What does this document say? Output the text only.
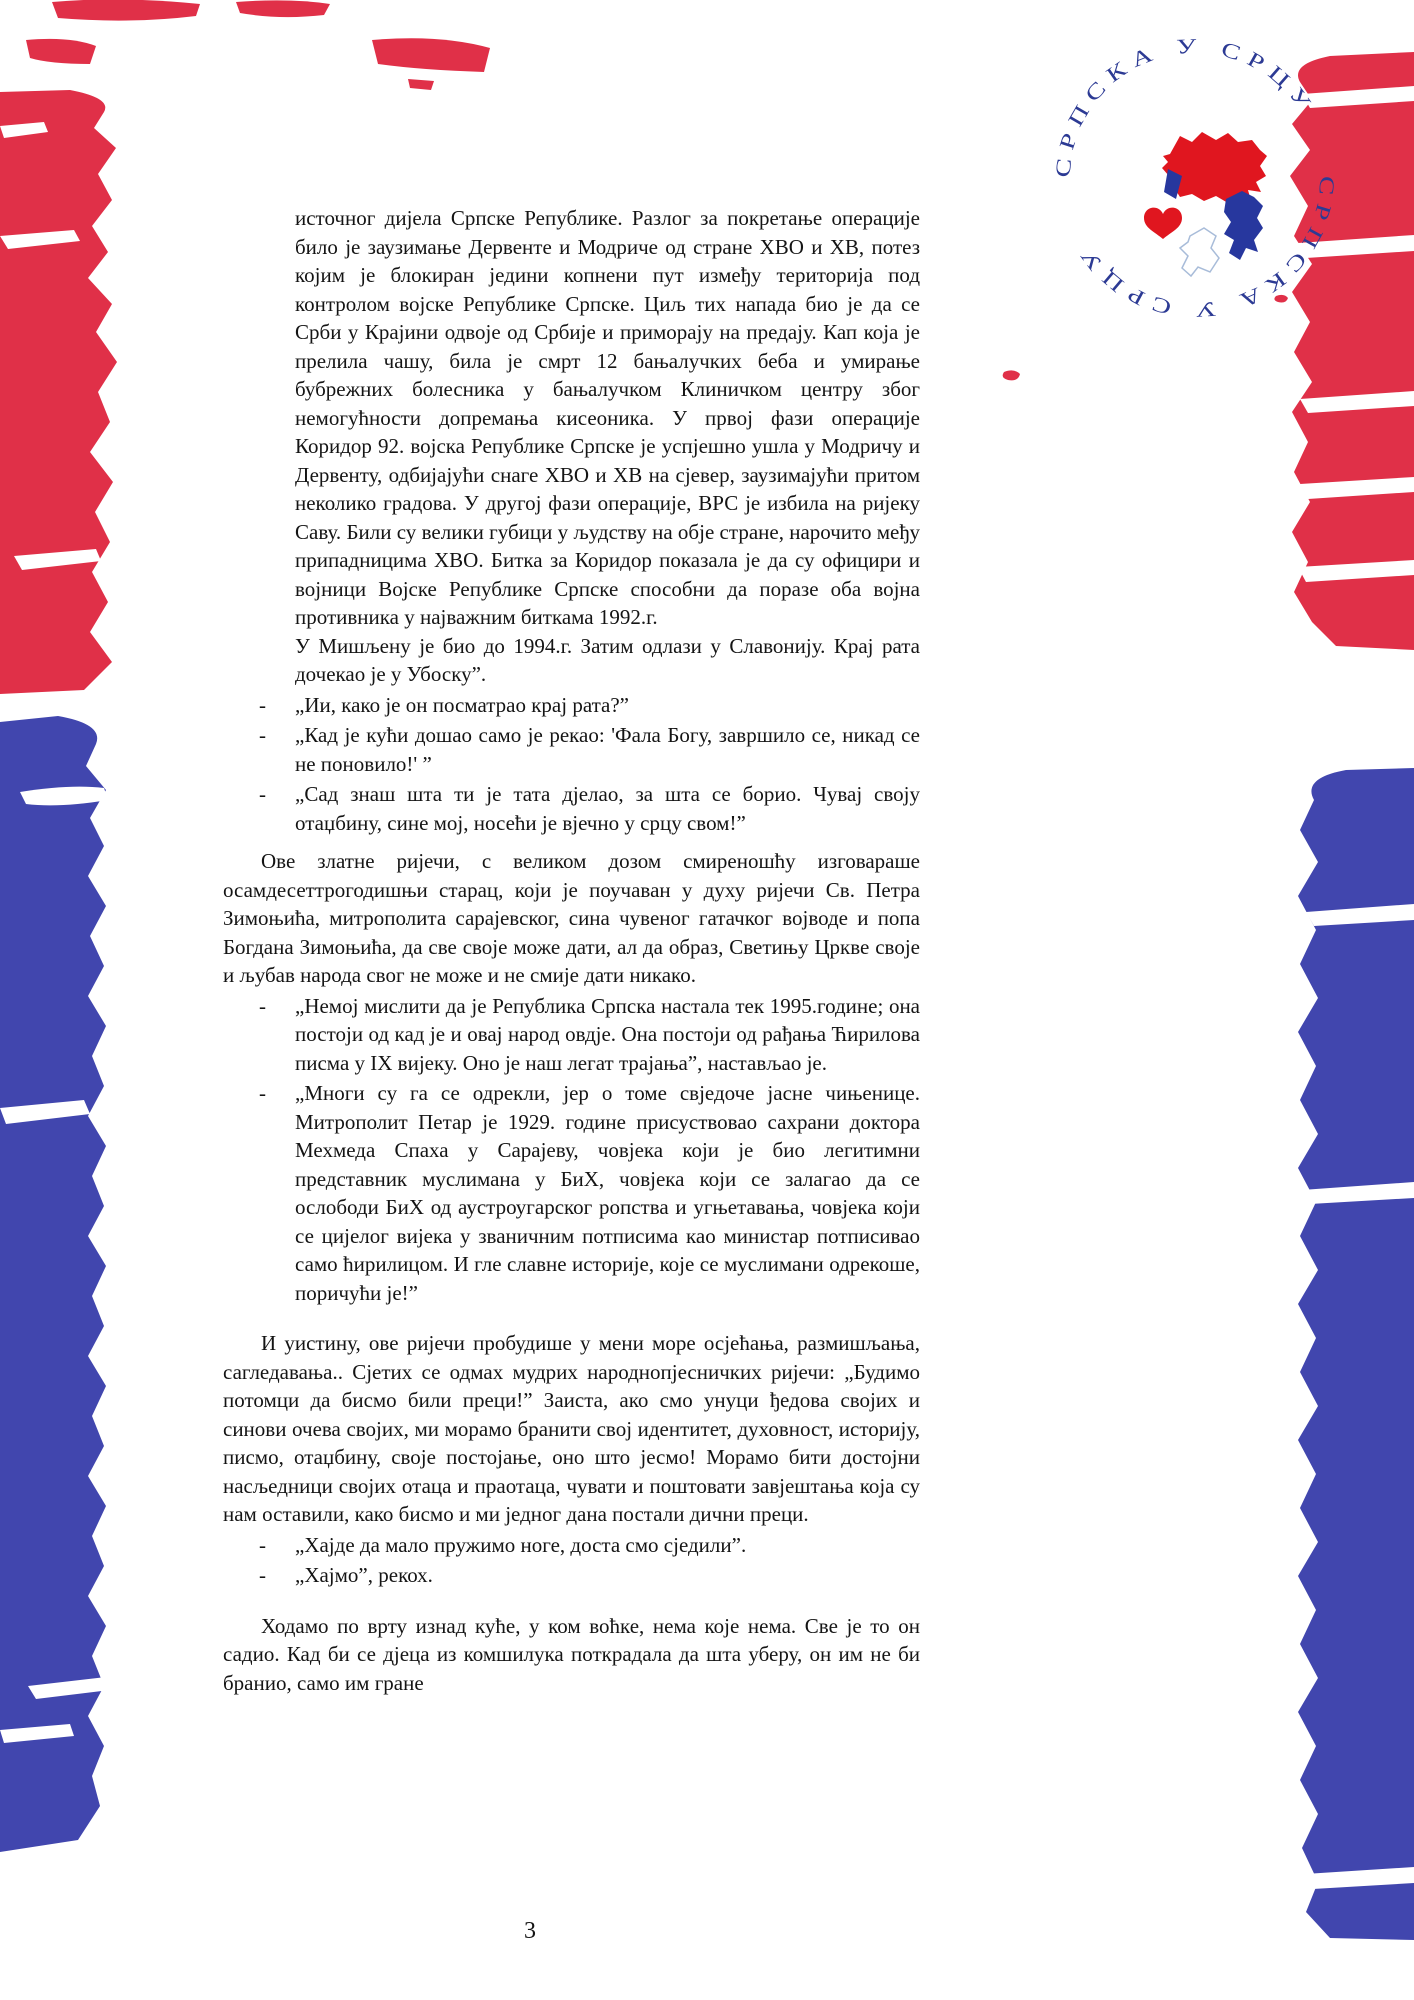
СРПСКА У СРЦУ    СРПСКА У СРЦУ

источног дијела Српске Републике. Разлог за покретање операције било је заузимање Дервенте и Модриче од стране ХВО и ХВ, потез којим је блокиран једини копнени пут између територија под контролом војске Републике Српске. Циљ тих напада био је да се Срби у Крајини одвоје од Србије и приморају на предају. Кап која је прелила чашу, била је смрт 12 бањалучких беба и умирање бубрежних болесника у бањалучком Клиничком центру због немогућности допремања кисеоника. У првој фази операције Коридор 92. војска Републике Српске је успјешно ушла у Модричу и Дервенту, одбијајући снаге ХВО и ХВ на сјевер, заузимајући притом неколико градова. У другој фази операције, ВРС је избила на ријеку Саву. Били су велики губици у људству на обје стране, нарочито међу припадницима ХВО. Битка за Коридор показала је да су официри и војници Војске Републике Српске способни да поразе оба војна противника у најважним биткама 1992.г.

У Мишљену је био до 1994.г. Затим одлази у Славонију. Крај рата дочекао је у Убоску”.

- „Ии, како је он посматрао крај рата?”
- „Кад је кући дошао само је рекао: 'Фала Богу, завршило се, никад се не поновило!' ”
- „Сад знаш шта ти је тата дјелао, за шта се борио. Чувај своју отаџбину, сине мој, носећи је вјечно у срцу свом!”

Ове златне ријечи, с великом дозом смиреношћу изговараше осамдесеттрогодишњи старац, који је поучаван у духу ријечи Св. Петра Зимоњића, митрополита сарајевског, сина чувеног гатачког војводе и попа Богдана Зимоњића, да све своје може дати, ал да образ, Светињу Цркве своје и љубав народа свог не може и не смије дати никако.

- „Немој мислити да је Република Српска настала тек 1995.године; она постоји од кад је и овај народ овдје. Она постоји од рађања Ћирилова писма у IX вијеку. Оно је наш легат трајања”, настављао је.
- „Многи су га се одрекли, јер о томе свједоче јасне чињенице. Митрополит Петар је 1929. године присуствовао сахрани доктора Мехмеда Спаха у Сарајеву, човјека који је био легитимни представник муслимана у БиХ, човјека који се залагао да се ослободи БиХ од аустроугарског ропства и угњетавања, човјека који се цијелог вијека у званичним потписима као министар потписивао само ћирилицом. И гле славне историје, које се муслимани одрекоше, поричући је!”

И уистину, ове ријечи пробудише у мени море осјећања, размишљања, сагледавања.. Сјетих се одмах мудрих народнопјесничких ријечи: „Будимо потомци да бисмо били преци!” Заиста, ако смо унуци ђедова својих и синови очева својих, ми морамо бранити свој идентитет, духовност, историју, писмо, отаџбину, своје постојање, оно што јесмо! Морамо бити достојни насљедници својих отаца и праотаца, чувати и поштовати завјештања која су нам оставили, како бисмо и ми једног дана постали дични преци.

- „Хајде да мало пружимо ноге, доста смо сједили”.
- „Хајмо”, рекох.

Ходамо по врту изнад куће, у ком воћке, нема које нема. Све је то он садио. Кад би се дјеца из комшилука поткрадала да шта уберу, он им не би бранио, само им гране

3
